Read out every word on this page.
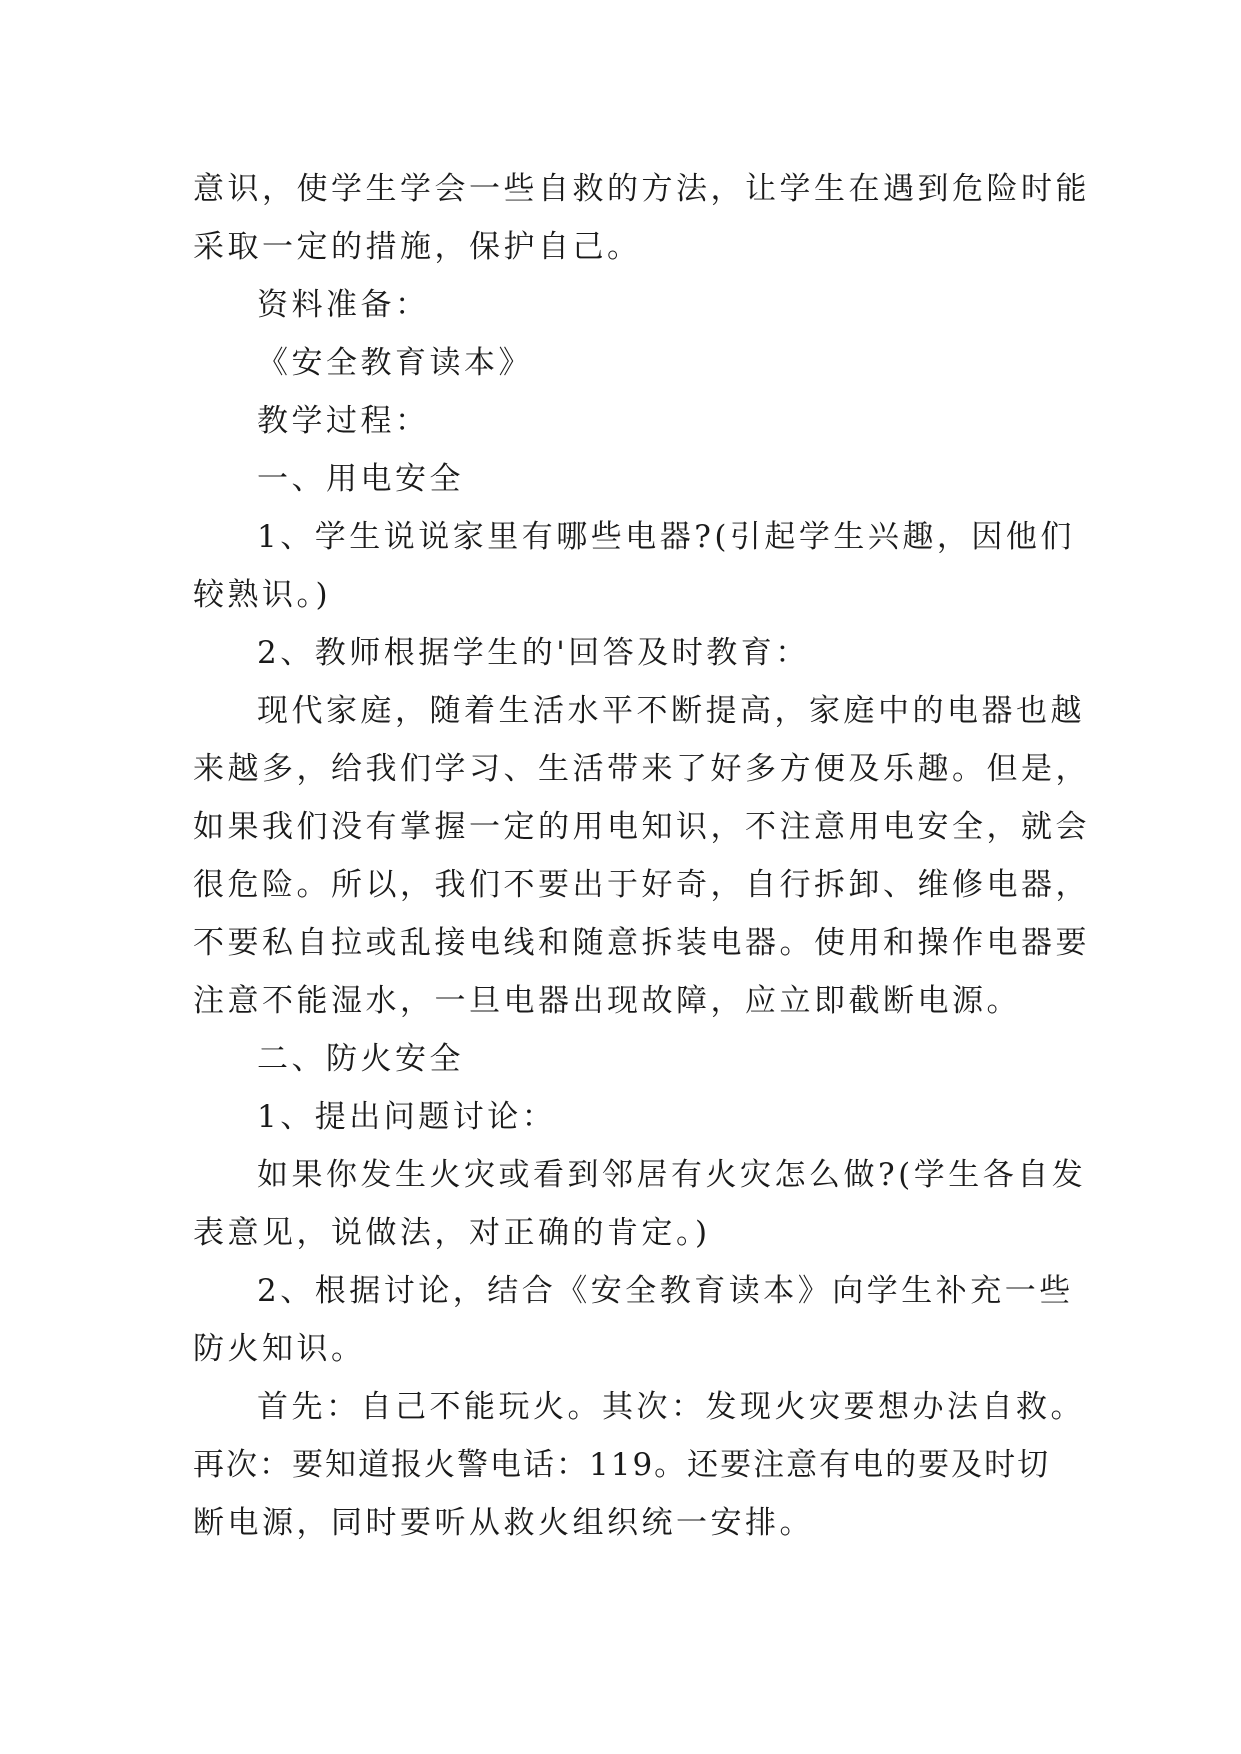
意识，使学生学会一些自救的方法，让学生在遇到危险时能
采取一定的措施，保护自己。
资料准备：
《安全教育读本》
教学过程：
一、用电安全
1、学生说说家里有哪些电器?(引起学生兴趣，因他们
较熟识。)
2、教师根据学生的'回答及时教育：
现代家庭，随着生活水平不断提高，家庭中的电器也越
来越多，给我们学习、生活带来了好多方便及乐趣。但是，
如果我们没有掌握一定的用电知识，不注意用电安全，就会
很危险。所以，我们不要出于好奇，自行拆卸、维修电器，
不要私自拉或乱接电线和随意拆装电器。使用和操作电器要
注意不能湿水，一旦电器出现故障，应立即截断电源。
二、防火安全
1、提出问题讨论：
如果你发生火灾或看到邻居有火灾怎么做?(学生各自发
表意见，说做法，对正确的肯定。)
2、根据讨论，结合《安全教育读本》向学生补充一些
防火知识。
首先：自己不能玩火。其次：发现火灾要想办法自救。
再次：要知道报火警电话：119。还要注意有电的要及时切
断电源，同时要听从救火组织统一安排。
